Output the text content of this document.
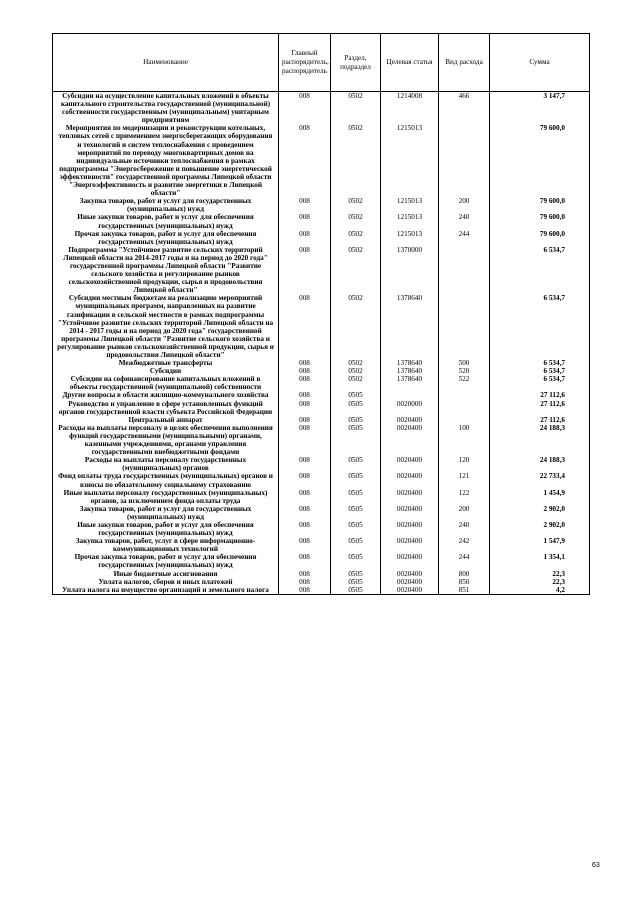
Наименование	Главный распорядитель, распорядитель	Раздел, подраздел	Целевая статья	Вид расхода	Сумма
Субсидии на осуществление капитальных вложений в объекты капитального строительства государственной (муниципальной) собственности государственным (муниципальным) унитарным предприятиям	008	0502	1214008	466	3 147,7
Мероприятия по модернизации и реконструкции котельных, тепловых сетей с применением энергосберегающих оборудования и технологий и систем теплоснабжения с проведением мероприятий по переводу многоквартирных домов на индивидуальные источники теплоснабжения в рамках подпрограммы "Энергосбережение и повышение энергетической эффективности" государственной программы Липецкой области "Энергоэффективность и развитие энергетики в Липецкой области"	008	0502	1215013		79 600,0
Закупка товаров, работ и услуг для государственных (муниципальных) нужд	008	0502	1215013	200	79 600,0
Иные закупки товаров, работ и услуг для обеспечения государственных (муниципальных) нужд	008	0502	1215013	240	79 600,0
Прочая закупка товаров, работ и услуг для обеспечения государственных (муниципальных) нужд	008	0502	1215013	244	79 600,0
Подпрограмма "Устойчивое развитие сельских территорий Липецкой области на 2014-2017 годы и на период до 2020 года" государственной программы Липецкой области "Развитие сельского хозяйства и регулирование рынков сельскохозяйственной продукции, сырья и продовольствия Липецкой области"	008	0502	1370000		6 534,7
Субсидии местным бюджетам на реализацию мероприятий муниципальных программ, направленных на развитие газификации в сельской местности в рамках подпрограммы "Устойчивое развитие сельских территорий Липецкой области на 2014 - 2017 годы и на период до 2020 года" государственной программы Липецкой области "Развитие сельского хозяйства и регулирование рынков сельскохозяйственной продукции, сырья и продовольствия Липецкой области"	008	0502	1378640		6 534,7
Межбюджетные трансферты	008	0502	1378640	500	6 534,7
Субсидии	008	0502	1378640	520	6 534,7
Субсидии на софинансирование капитальных вложений в объекты государственной (муниципальной) собственности	008	0502	1378640	522	6 534,7
Другие вопросы в области жилищно-коммунального хозяйства	008	0505			27 112,6
Руководство и управление в сфере установленных функций органов государственной власти субъекта Российской Федерации	008	0505	0020000		27 112,6
Центральный аппарат	008	0505	0020400		27 112,6
Расходы на выплаты персоналу в целях обеспечения выполнения функций государственными (муниципальными) органами, казенными учреждениями, органами управления государственными внебюджетными фондами	008	0505	0020400	100	24 188,3
Расходы на выплаты персоналу государственных (муниципальных) органов	008	0505	0020400	120	24 188,3
Фонд оплаты труда государственных (муниципальных) органов и взносы по обязательному социальному страхованию	008	0505	0020400	121	22 733,4
Иные выплаты персоналу государственных (муниципальных) органов, за исключением фонда оплаты труда	008	0505	0020400	122	1 454,9
Закупка товаров, работ и услуг для государственных (муниципальных) нужд	008	0505	0020400	200	2 902,0
Иные закупки товаров, работ и услуг для обеспечения государственных (муниципальных) нужд	008	0505	0020400	240	2 902,0
Закупка товаров, работ, услуг в сфере информационно-коммуникационных технологий	008	0505	0020400	242	1 547,9
Прочая закупка товаров, работ и услуг для обеспечения государственных (муниципальных) нужд	008	0505	0020400	244	1 354,1
Иные бюджетные ассигнования	008	0505	0020400	800	22,3
Уплата налогов, сборов и иных платежей	008	0505	0020400	850	22,3
Уплата налога на имущество организаций и земельного налога	008	0505	0020400	851	4,2
63
